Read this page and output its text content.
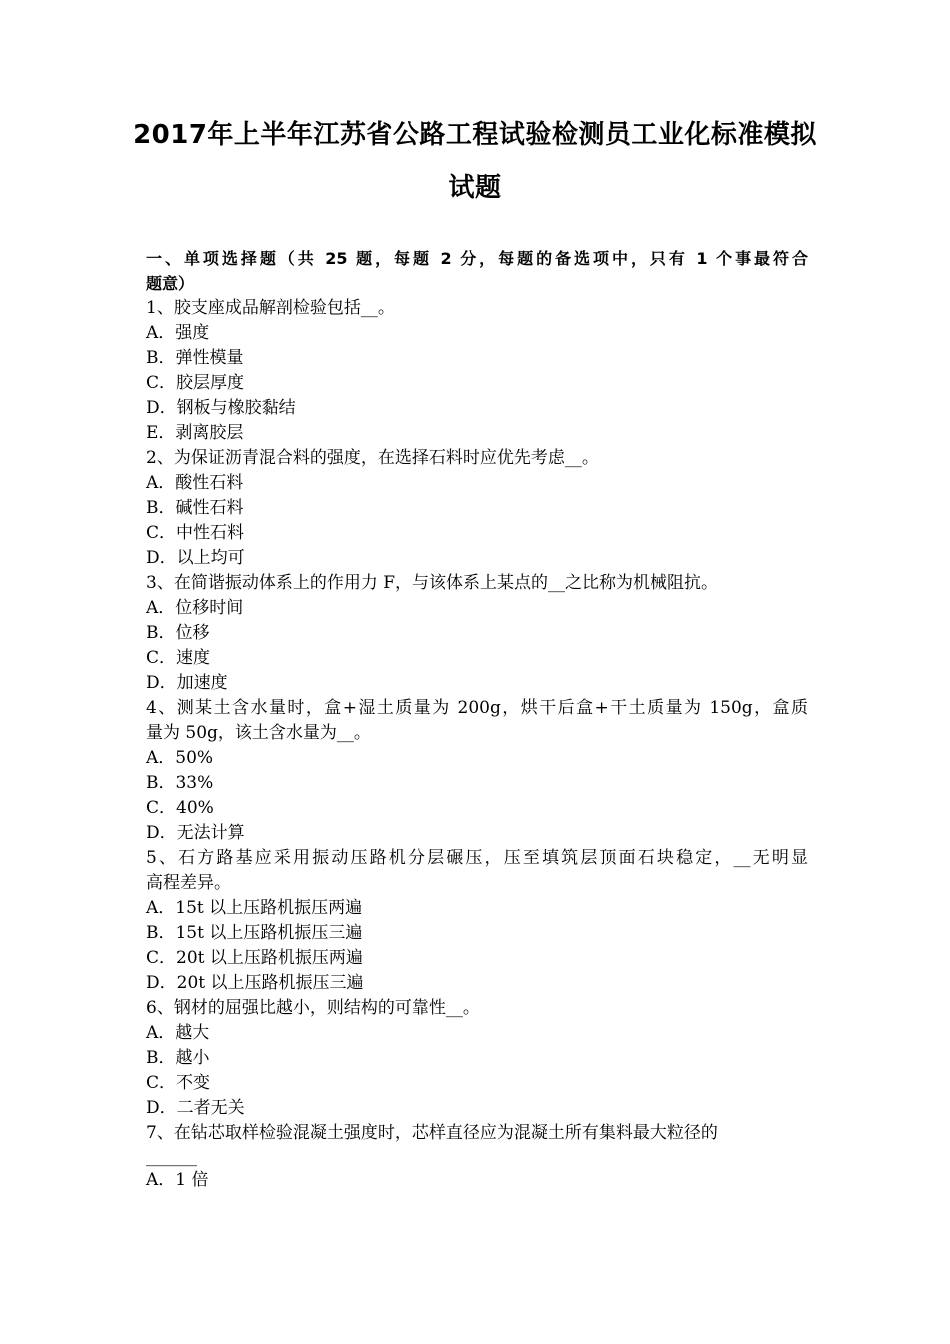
2017年上半年江苏省公路工程试验检测员工业化标准模拟
试题
一、单项选择题（共 25 题，每题 2 分，每题的备选项中，只有 1 个事最符合
题意）
1、胶支座成品解剖检验包括__。
A．强度
B．弹性模量
C．胶层厚度
D．钢板与橡胶黏结
E．剥离胶层
2、为保证沥青混合料的强度，在选择石料时应优先考虑__。
A．酸性石料
B．碱性石料
C．中性石料
D．以上均可
3、在简谐振动体系上的作用力 F，与该体系上某点的__之比称为机械阻抗。
A．位移时间
B．位移
C．速度
D．加速度
4、测某土含水量时，盒+湿土质量为 200g，烘干后盒+干土质量为 150g，盒质
量为 50g，该土含水量为__。
A．50%
B．33%
C．40%
D．无法计算
5、石方路基应采用振动压路机分层碾压，压至填筑层顶面石块稳定，__无明显
高程差异。
A．15t 以上压路机振压两遍
B．15t 以上压路机振压三遍
C．20t 以上压路机振压两遍
D．20t 以上压路机振压三遍
6、钢材的屈强比越小，则结构的可靠性__。
A．越大
B．越小
C．不变
D．二者无关
7、在钻芯取样检验混凝土强度时，芯样直径应为混凝土所有集料最大粒径的
______
A．1 倍
